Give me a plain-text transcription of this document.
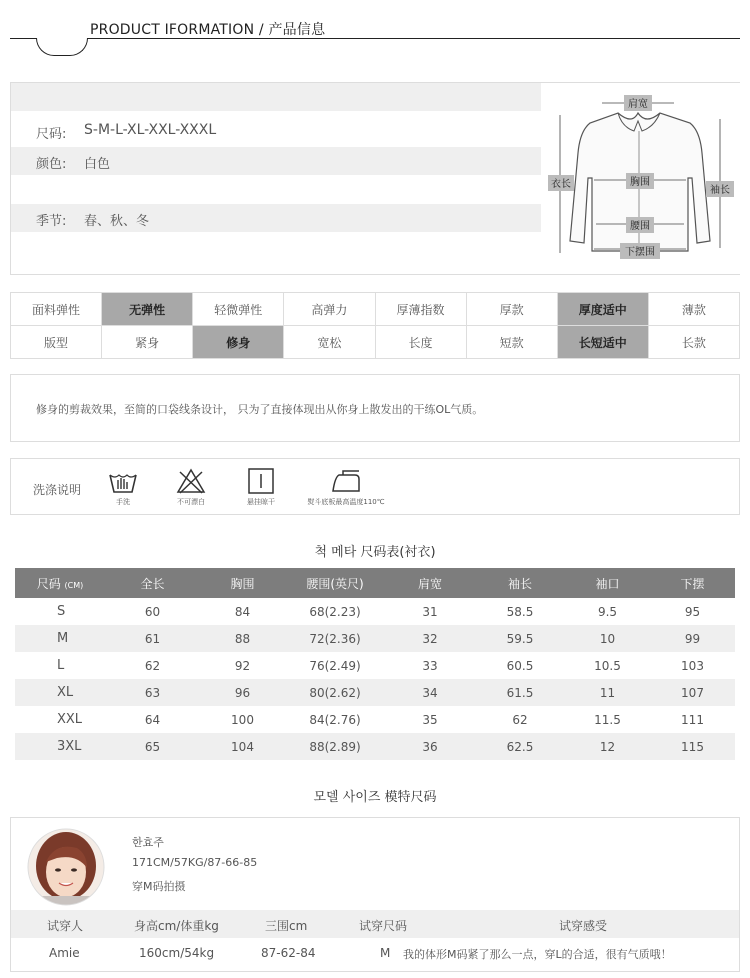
PRODUCT IFORMATION / 产品信息
尺码: S-M-L-XL-XXL-XXXL
颜色: 白色
季节: 春、秋、冬
肩宽
衣长	胸围
袖长
腰围
下摆围
面料弹性	无弹性	轻微弹性	高弹力	厚薄指数	厚款	厚度适中	薄款
版型	紧身	修身	宽松	长度	短款	长短适中	长款
修身的剪裁效果，至简的口袋线条设计， 只为了直接体现出从你身上散发出的干练OL气质。
洗涤说明
手洗	不可漂白	悬挂晾干	熨斗底板最高温度110℃
척 메타 尺码表(衬衣)
尺码 (CM)	全长	胸围	腰围(英尺)	肩宽	袖长	袖口	下摆
S	60	84	68(2.23)	31	58.5	9.5	95
M	61	88	72(2.36)	32	59.5	10	99
L	62	92	76(2.49)	33	60.5	10.5	103
XL	63	96	80(2.62)	34	61.5	11	107
XXL	64	100	84(2.76)	35	62	11.5	111
3XL	65	104	88(2.89)	36	62.5	12	115
모델 사이즈 模特尺码
한효주
171CM/57KG/87-66-85
穿M码拍摄
试穿人	身高cm/体重kg	三围cm	试穿尺码	试穿感受
Amie	160cm/54kg	87-62-84	M 我的体形M码紧了那么一点，穿L的合适，很有气质哦！
